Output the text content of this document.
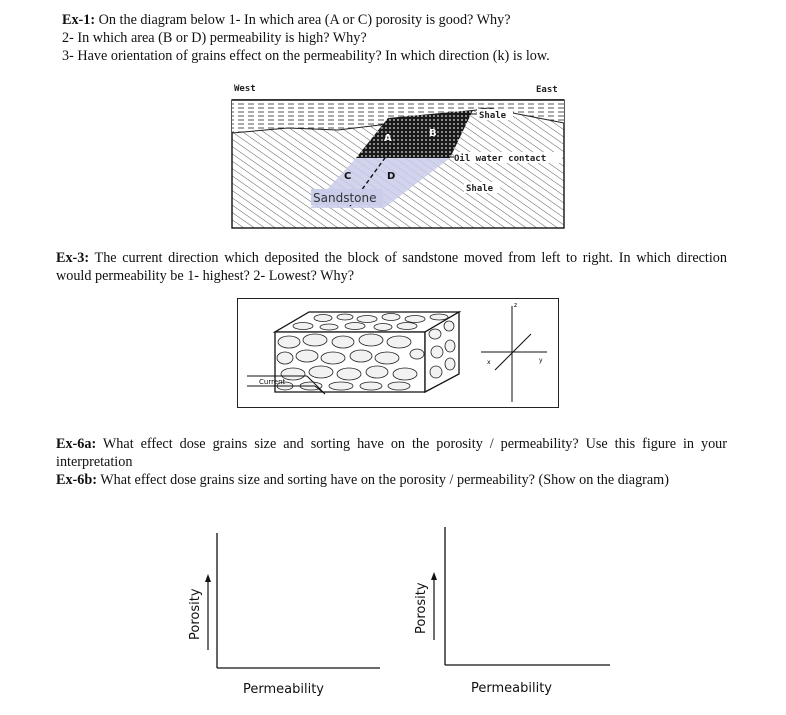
Ex-1: On the diagram below 1- In which area (A or C) porosity is good? Why?
2- In which area (B or D) permeability is high? Why?
3- Have orientation of grains effect on the permeability? In which direction (k) is low.
West	East
A	B
C	D
Sandstone
Shale
Oil water contact
Shale
Ex-3: The current direction which deposited the block of sandstone moved from left to right. In which direction would permeability be 1- highest? 2- Lowest? Why?
z
x	y
Current
Ex-6a: What effect dose grains size and sorting have on the porosity / permeability? Use this figure in your interpretation
Ex-6b: What effect dose grains size and sorting have on the porosity / permeability? (Show on the diagram)
Porosity
Permeability
Porosity
Permeability
